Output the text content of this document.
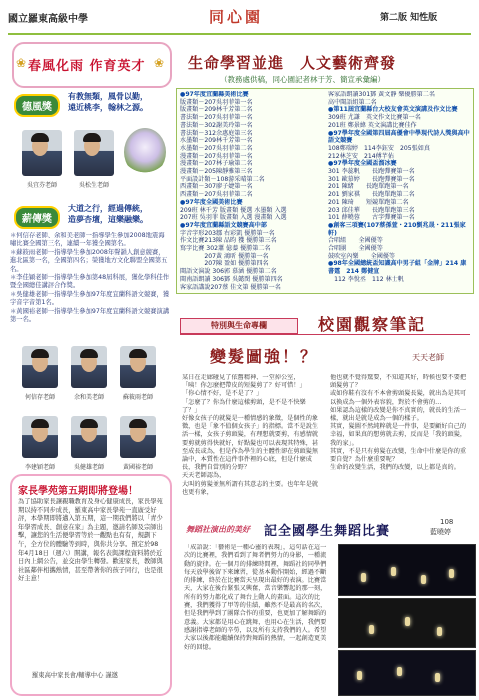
國立羅東高級中學	同心園	第二版 知性版
春風化雨 作育英才
❀	❀
德風獎
有教無類，風骨以勤，
遠近桃李，翰林之源。
吳宜芬老師	吳松生老師
薪傳獎
大道之行，經過傳統，
造夢杏壇，這樂融樂。
＊何信存老師、余和美老師一指導學生參加2008地震海嘯比賽全國第三名，連續一年獲全國第名。
＊蘇筱雨老師一指導學生參加2008年聲韻人創意競賽，進北區第一名，全國第四名；榮獲地方文化聯盟全國第五名。
＊李佳穎老師一指導學生參加第48屆科展，獲化學科佳作暨全國總佳講評合作獎。
＊吳健雄老師一指導學生參加97年度宜蘭科語文競賽，獲宇音字音第1名。
＊黃國裕老師一指導學生參加97年度宜蘭科語文競賽演講第一名。
何信存老師	余和美老師	蘇筱雨老師
李建穎老師	吳健雄老師	黃國裕老師
家長學苑第五期即將登場！
為了協助家長讓親職教育及身心健康成長，家長學苑期以持不同步成長，羅東高中家長學苑一直廣受好評，本學期即將邁入第五期，這一期我們將以「青少年學習成長、創意在家」為主題，邀請名師及宗師出擊，讓您的生活便學習等於一觀點也有有，規劃下午，全方位的體驗等到時，與你共分享。預定於98年4月18日（週六）開講，報名表與課程資料將於近日內上網公告，並交由學生轉發。歡迎家長，教師與社區鄰伴相攜熱情，甚至帶著你的孩子同行，也是很好主意！
羅東高中家長會/輔導中心 謹邀
生命學習並進　人文藝術齊發
（教務處供稿，同心園記者林于芳、簡宣承彙編）
●97年度宜蘭縣美術比賽
版畫類－207吳羽菲第一名
版畫類－209林千芳第二名
書法類－207吳羽菲第一名
書法類－302謝美玲第一名
書法類－312余惠庭第三名
水墨類－209林千芳第一名
水墨類－207吳羽菲第二名
漫畫類－207吳羽菲第一名
漫畫類－207林子瑜第二名
漫畫類－205陳靜雅第三名
平面設計類－108游采晴第二名
西畫類－307廖子婕第一名
西畫類－207吳羽菲第二名
●97年度全國美術比賽
209班 林千芳 版畫類 優選 水墨類 入選
207班 吳羽菲 版畫類 入選 漫畫類 入選
●97年度宜蘭縣語文競賽高中部
字音字形203鄒 右彩凱 優勝第一名
作文比賽213陳 品昀 獲 優勝第三名
寫字比賽 302蕭 億蓁 優勝第二名
　　　　207黃 鴻昕 優勝第一名
　　　　207陳 盈如 優勝第四名
閩語文演說 306郭 慕涵 優勝第二名
閩南語朗讀 306鄧 吳懿閔 優勝第四名
客家語講說207蔡 佳文第 優勝第一名
客家語朗讀301鄧 黃文靜 樂優勝第二名
高中閩語組第二名
●第11屆宜蘭縣台大校友會英文演講及作文比賽
309班 尤謙　英文作文比賽第一名
201班 鄭景緯 英文演講比賽佳作
●97學年度全國第四屆高優會中學現代詩人獎與高中語文競賽
108鄭瑞婷　114李鈺安　205張如真
212林芝安　214傅芊佑
●97學年度全國盃溜冰賽
301 李蕊帆　　長跑彈賽第一名
301 歐慕婷　　長跑彈賽第一名
201 陳緒　　長跑單跑第一名
201 劉家祺　　長跑單跑第二名
201 陳琦　　短競單跑第二名
203 邱佳華　　長跑單跑第三名
101 薛曉蓉　　古字彈賽第一名
●創客三項賽(107蔡孫萱・210劉兆晟・211張家軒)
合唱組　　全國優等
合唱團　　全國優等
鼓吹室內樂　　全國優等
●98年全國總統盃知識高中男子組「金牌」214 康書霆　214 鄭健宣
　112 李悅丞　112 林士帆
特別與生命專欄	校園觀察筆記
變髮圖強！？	天天老師
某日在走廊碰見了依舊精神、一堂掉公室，
「咦！你怎麼把帶皮的短髮剪了？好可惜！」
「你心情不好，是不是了？」
「怎麼了？你為什麼這樣剪頭，是不是不快樂了？」
好像女孩子的就髮是一種情感的象徵，是個性的象徵，也是「象不值個女孩子」的指標。當不是說生活一樣，女孩子剪頭髮，有理想就要剪，有感情就要剪就剪得快就好，好點髮也可以表現其特殊，甚至成長或為，但是作為學生的主體性卻在剪頭髮無論中，本質性在這件事件裡的心底，但是什麼成長，我們自當別的分野？
天天老師認為，
大叫的剪髮並無所謂有其意志的主要。也年年是就也更有象，
他也就不覺得驚要，不知道其好，時候也要不要把頭髮剪了？
或如你鞋有沒有不本會剪頭髮長髮，就出為是其可以換成為一個外表容貌，對於不會剪的…
如果認為這樣的改變是你不真實的，就長的生活一樣，就出是就是成為一個的樣子。
其實，髮圖不然純粹就是一件事，是要顧好自己的幸福，如果真的想剪就去剪，反而是「我的頭髮，我的家」。
其實，不是只有剪髮在改變，生命中什麼是你的重要自覺？為什麼重要呢？
生命的改變生活，我們的改變，以上都是真的。
舞蹈社演出的美好 記全國學生舞蹈比賽
108
藍曉婷
「成語說：「藝術是一種心靈的表現」，這句話在這一次的比賽裡，我們看到了舞者們努力的身影，一種流動的旋律。在一個月的排練時間裡，舞蹈社的同學們每天放學後留下來練習，從基本動作開始，經過不斷的排練，終於在比賽當天呈現出最好的表演。比賽當天，大家在後台緊張又興奮，當音樂響起的那一刻，所有的努力都化成了舞台上動人的畫面。這次的比賽，我們獲得了甲等的佳績，雖然不是最高的名次，但是我們學到了團隊合作的重要，也更加了解舞蹈的意義。大家都是用心在跳舞，也用心在生活，我們要感謝指導老師的辛勞，以及所有支持我們的人。希望大家以後都能繼續保持對舞蹈的熱情，一起創造更美好的回憶。
